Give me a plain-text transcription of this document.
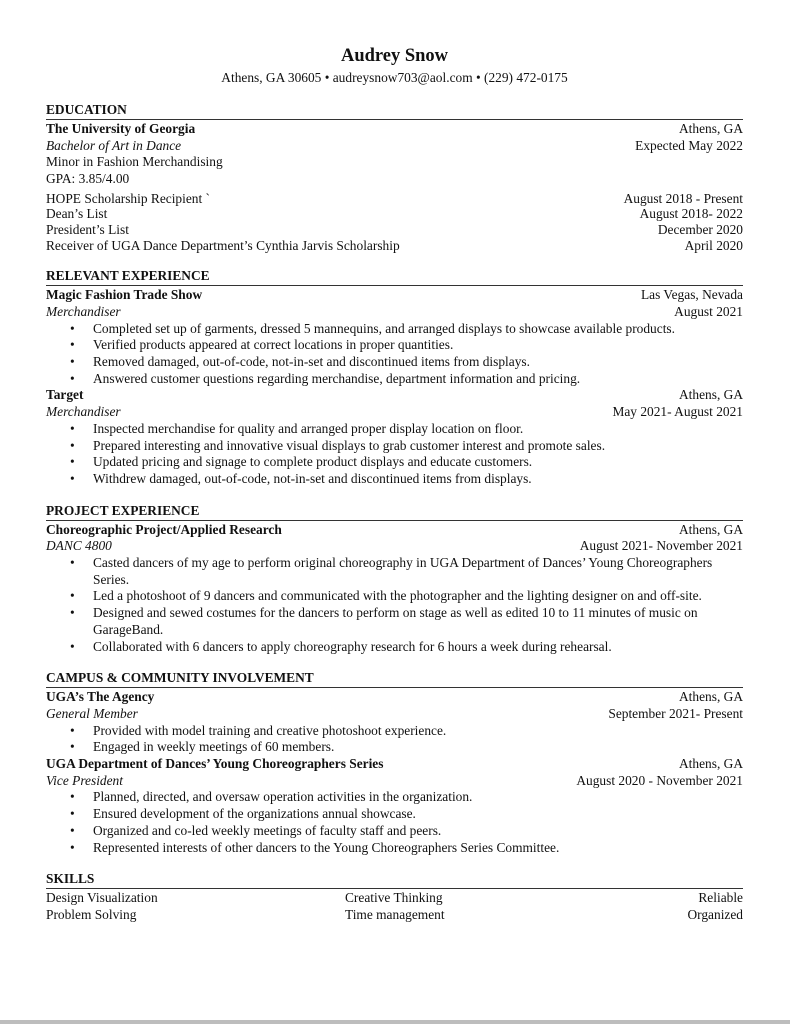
Audrey Snow
Athens, GA 30605 • audreysnow703@aol.com • (229) 472-0175
EDUCATION
The University of Georgia	Athens, GA
Bachelor of Art in Dance	Expected May 2022
Minor in Fashion Merchandising
GPA: 3.85/4.00
HOPE Scholarship Recipient `	August 2018 - Present
Dean’s List	August 2018- 2022
President’s List	December 2020
Receiver of UGA Dance Department’s Cynthia Jarvis Scholarship	April 2020
RELEVANT EXPERIENCE
Magic Fashion Trade Show	Las Vegas, Nevada
Merchandiser	August 2021
• Completed set up of garments, dressed 5 mannequins, and arranged displays to showcase available products.
• Verified products appeared at correct locations in proper quantities.
• Removed damaged, out-of-code, not-in-set and discontinued items from displays.
• Answered customer questions regarding merchandise, department information and pricing.
Target	Athens, GA
Merchandiser	May 2021- August 2021
• Inspected merchandise for quality and arranged proper display location on floor.
• Prepared interesting and innovative visual displays to grab customer interest and promote sales.
• Updated pricing and signage to complete product displays and educate customers.
• Withdrew damaged, out-of-code, not-in-set and discontinued items from displays.
PROJECT EXPERIENCE
Choreographic Project/Applied Research	Athens, GA
DANC 4800	August 2021- November 2021
• Casted dancers of my age to perform original choreography in UGA Department of Dances’ Young Choreographers Series.
• Led a photoshoot of 9 dancers and communicated with the photographer and the lighting designer on and off-site.
• Designed and sewed costumes for the dancers to perform on stage as well as edited 10 to 11 minutes of music on GarageBand.
• Collaborated with 6 dancers to apply choreography research for 6 hours a week during rehearsal.
CAMPUS & COMMUNITY INVOLVEMENT
UGA’s The Agency	Athens, GA
General Member	September 2021- Present
• Provided with model training and creative photoshoot experience.
• Engaged in weekly meetings of 60 members.
UGA Department of Dances’ Young Choreographers Series	Athens, GA
Vice President	August 2020 - November 2021
• Planned, directed, and oversaw operation activities in the organization.
• Ensured development of the organizations annual showcase.
• Organized and co-led weekly meetings of faculty staff and peers.
• Represented interests of other dancers to the Young Choreographers Series Committee.
SKILLS
Design Visualization	Creative Thinking	Reliable
Problem Solving	Time management	Organized
